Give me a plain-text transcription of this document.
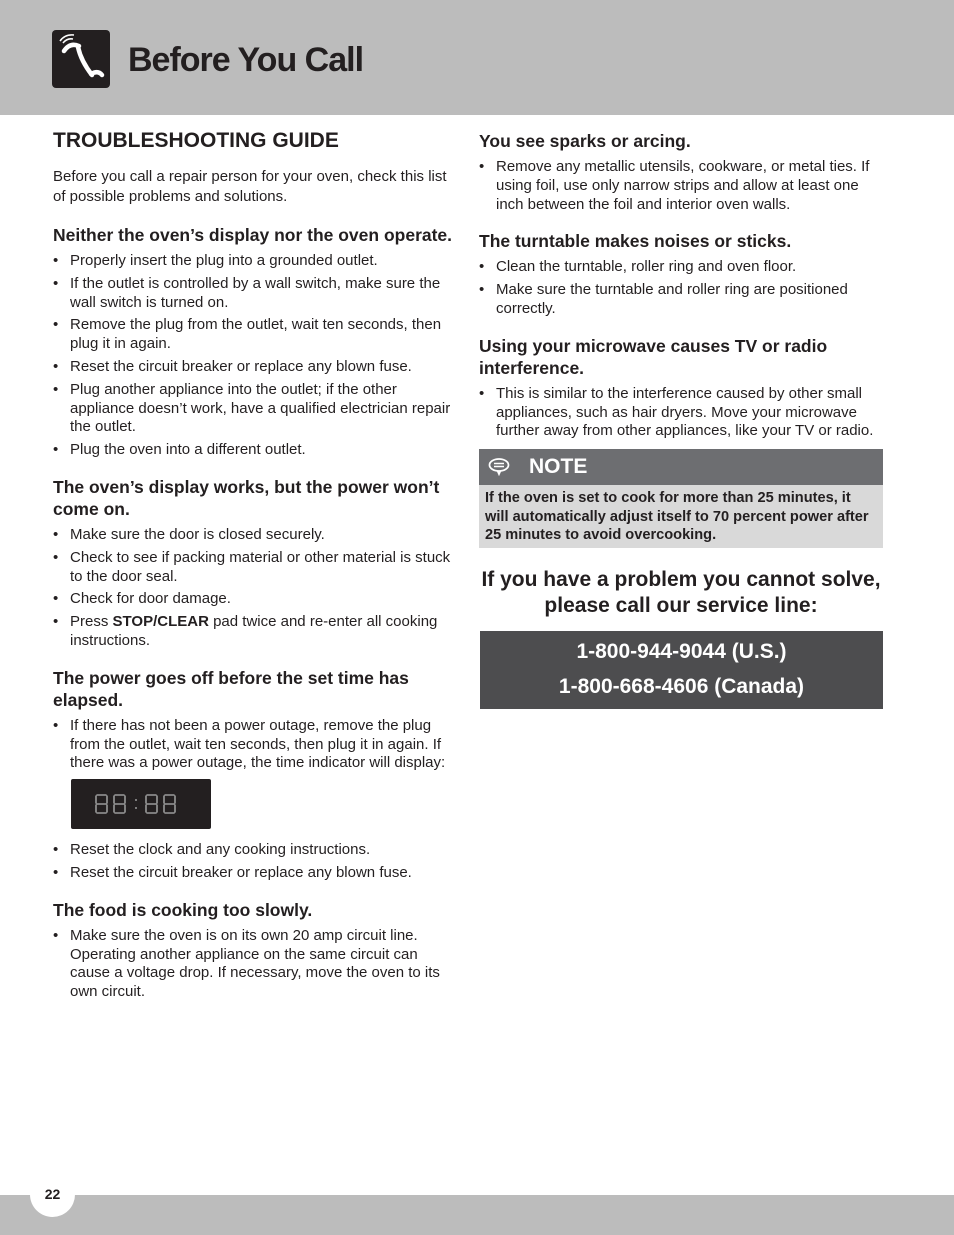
Before You Call
TROUBLESHOOTING GUIDE

Before you call a repair person for your oven, check this list of possible problems and solutions.

Neither the oven’s display nor the oven operate.
• Properly insert the plug into a grounded outlet.
• If the outlet is controlled by a wall switch, make sure the wall switch is turned on.
• Remove the plug from the outlet, wait ten seconds, then plug it in again.
• Reset the circuit breaker or replace any blown fuse.
• Plug another appliance into the outlet; if the other appliance doesn’t work, have a qualified electrician repair the outlet.
• Plug the oven into a different outlet.
The oven’s display works, but the power won’t come on.
• Make sure the door is closed securely.
• Check to see if packing material or other material is stuck to the door seal.
• Check for door damage.
• Press STOP/CLEAR pad twice and re-enter all cooking instructions.
The power goes off before the set time has elapsed.
• If there has not been a power outage, remove the plug from the outlet, wait ten seconds, then plug it in again. If there was a power outage, the time indicator will display:
• Reset the clock and any cooking instructions.
• Reset the circuit breaker or replace any blown fuse.
The food is cooking too slowly.
• Make sure the oven is on its own 20 amp circuit line. Operating another appliance on the same circuit can cause a voltage drop. If necessary, move the oven to its own circuit.
You see sparks or arcing.
• Remove any metallic utensils, cookware, or metal ties. If using foil, use only narrow strips and allow at least one inch between the foil and interior oven walls.
The turntable makes noises or sticks.
• Clean the turntable, roller ring and oven floor.
• Make sure the turntable and roller ring are positioned correctly.
Using your microwave causes TV or radio interference.
• This is similar to the interference caused by other small appliances, such as hair dryers. Move your microwave further away from other appliances, like your TV or radio.
NOTE
If the oven is set to cook for more than 25 minutes, it will automatically adjust itself to 70 percent power after 25 minutes to avoid overcooking.
If you have a problem you cannot solve, please call our service line:
1-800-944-9044 (U.S.)
1-800-668-4606 (Canada)
22
